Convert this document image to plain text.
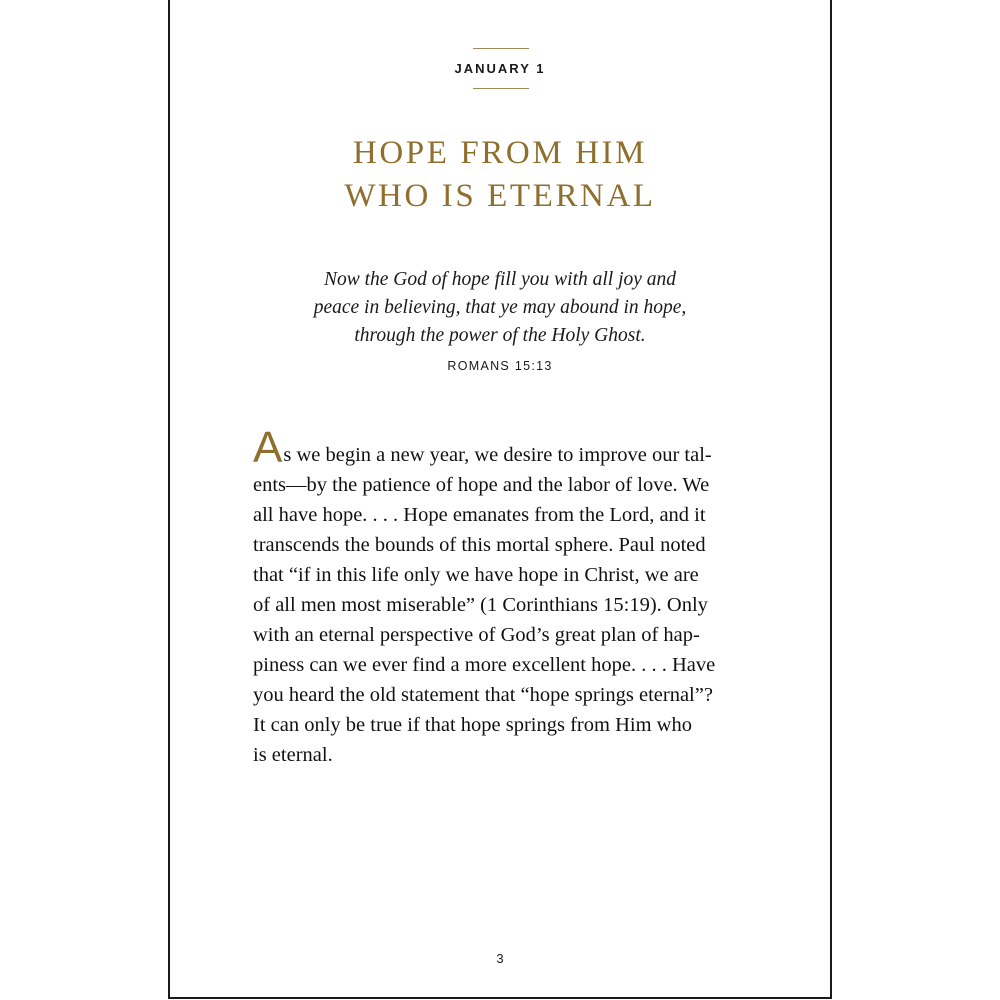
JANUARY 1
HOPE FROM HIM
WHO IS ETERNAL
Now the God of hope fill you with all joy and
peace in believing, that ye may abound in hope,
through the power of the Holy Ghost.
ROMANS 15:13
As we begin a new year, we desire to improve our tal-
ents—by the patience of hope and the labor of love. We
all have hope. . . . Hope emanates from the Lord, and it
transcends the bounds of this mortal sphere. Paul noted
that “if in this life only we have hope in Christ, we are
of all men most miserable” (1 Corinthians 15:19). Only
with an eternal perspective of God’s great plan of hap-
piness can we ever find a more excellent hope. . . . Have
you heard the old statement that “hope springs eternal”?
It can only be true if that hope springs from Him who
is eternal.
3
